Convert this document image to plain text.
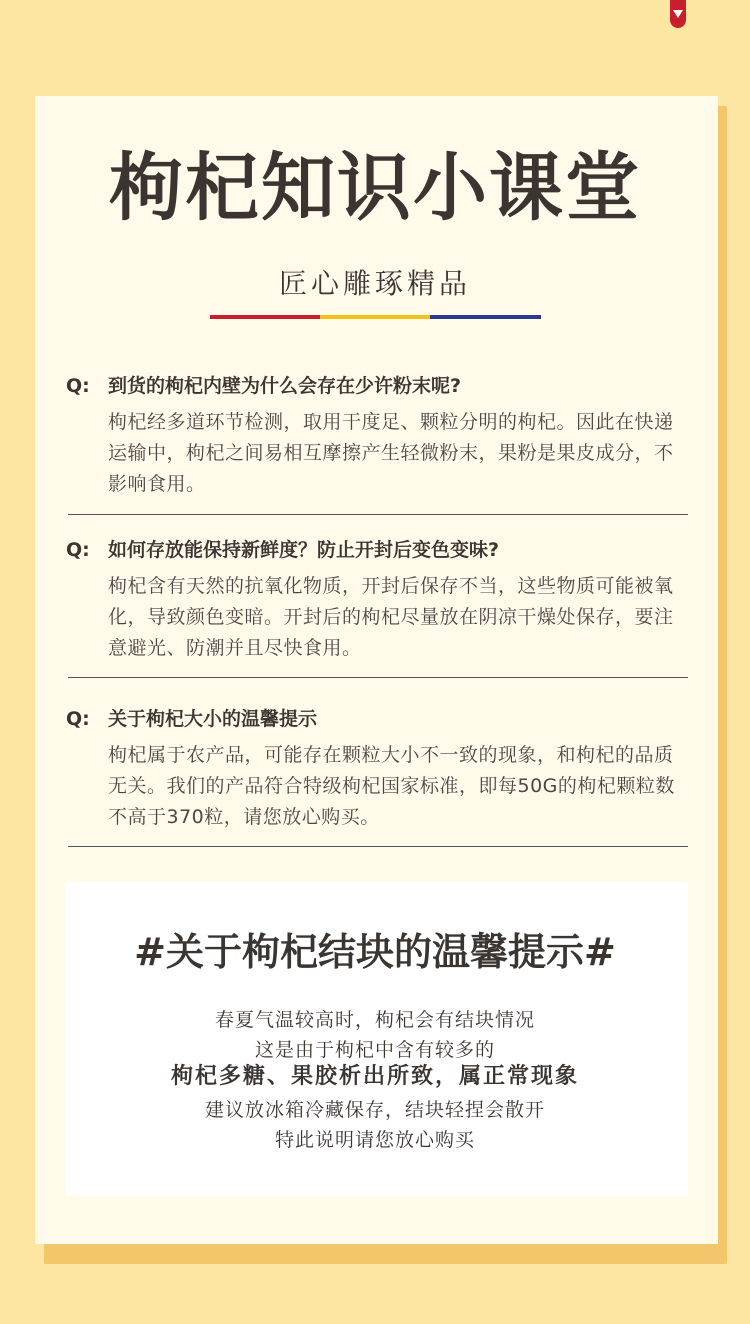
枸杞知识小课堂
匠心雕琢精品
Q: 到货的枸杞内壁为什么会存在少许粉末呢?
枸杞经多道环节检测，取用干度足、颗粒分明的枸杞。因此在快递运输中，枸杞之间易相互摩擦产生轻微粉末，果粉是果皮成分，不影响食用。
Q: 如何存放能保持新鲜度？防止开封后变色变味?
枸杞含有天然的抗氧化物质，开封后保存不当，这些物质可能被氧化，导致颜色变暗。开封后的枸杞尽量放在阴凉干燥处保存，要注意避光、防潮并且尽快食用。
Q: 关于枸杞大小的温馨提示
枸杞属于农产品，可能存在颗粒大小不一致的现象，和枸杞的品质无关。我们的产品符合特级枸杞国家标准，即每50G的枸杞颗粒数不高于370粒，请您放心购买。
#关于枸杞结块的温馨提示#
春夏气温较高时，枸杞会有结块情况
这是由于枸杞中含有较多的
枸杞多糖、果胶析出所致，属正常现象
建议放冰箱冷藏保存，结块轻捏会散开
特此说明请您放心购买
